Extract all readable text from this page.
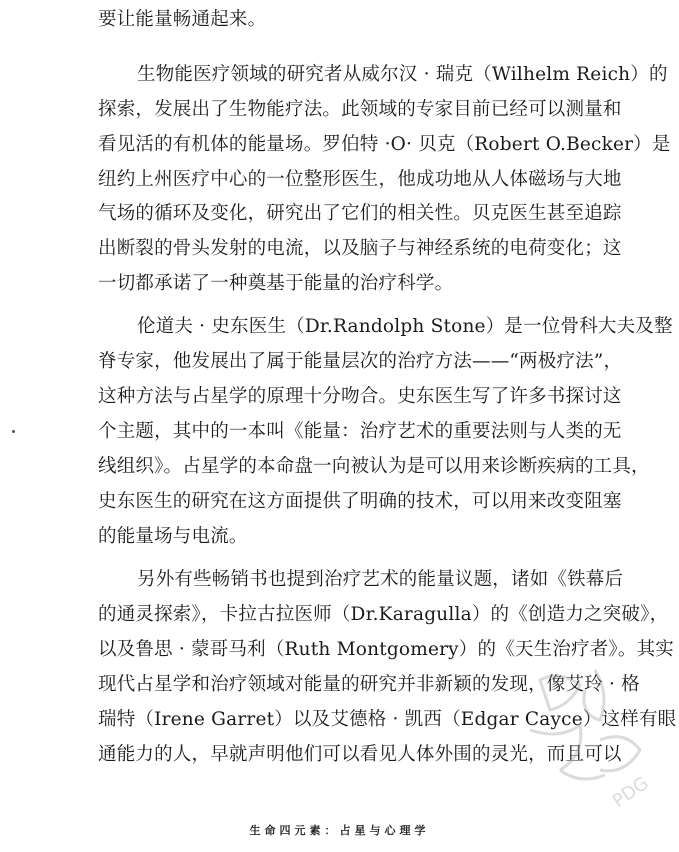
要让能量畅通起来。
生物能医疗领域的研究者从威尔汉 · 瑞克（Wilhelm Reich）的
探索，发展出了生物能疗法。此领域的专家目前已经可以测量和
看见活的有机体的能量场。罗伯特 ·O· 贝克（Robert O.Becker）是
纽约上州医疗中心的一位整形医生，他成功地从人体磁场与大地
气场的循环及变化，研究出了它们的相关性。贝克医生甚至追踪
出断裂的骨头发射的电流，以及脑子与神经系统的电荷变化；这
一切都承诺了一种奠基于能量的治疗科学。
伦道夫 · 史东医生（Dr.Randolph Stone）是一位骨科大夫及整
脊专家，他发展出了属于能量层次的治疗方法——“两极疗法”，
这种方法与占星学的原理十分吻合。史东医生写了许多书探讨这
个主题，其中的一本叫《能量：治疗艺术的重要法则与人类的无
线组织》。占星学的本命盘一向被认为是可以用来诊断疾病的工具，
史东医生的研究在这方面提供了明确的技术，可以用来改变阻塞
的能量场与电流。
另外有些畅销书也提到治疗艺术的能量议题，诸如《铁幕后
的通灵探索》，卡拉古拉医师（Dr.Karagulla）的《创造力之突破》，
以及鲁思 · 蒙哥马利（Ruth Montgomery）的《天生治疗者》。其实
现代占星学和治疗领域对能量的研究并非新颖的发现，像艾玲 · 格
瑞特（Irene Garret）以及艾德格 · 凯西（Edgar Cayce）这样有眼
通能力的人，早就声明他们可以看见人体外围的灵光，而且可以
PDG
生命四元素：占星与心理学
